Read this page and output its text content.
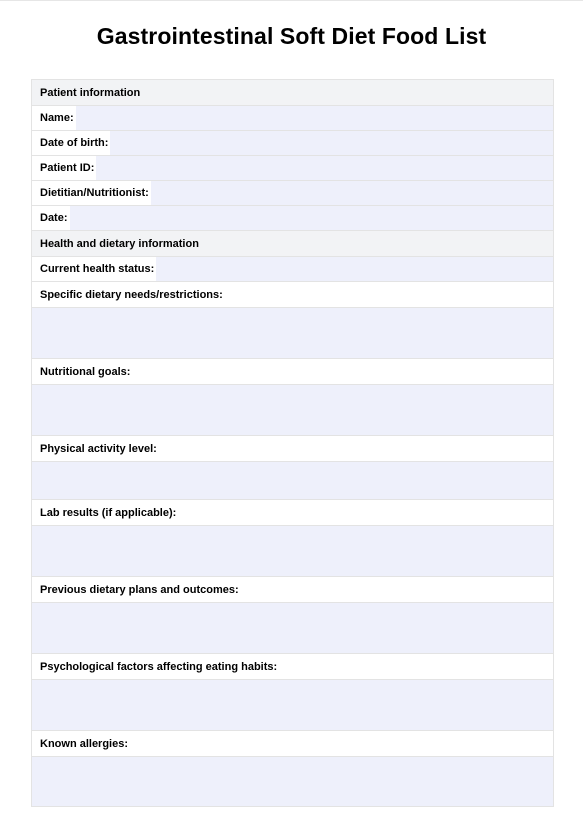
Gastrointestinal Soft Diet Food List
Patient information
Name:
Date of birth:
Patient ID:
Dietitian/Nutritionist:
Date:
Health and dietary information
Current health status:
Specific dietary needs/restrictions:
Nutritional goals:
Physical activity level:
Lab results (if applicable):
Previous dietary plans and outcomes:
Psychological factors affecting eating habits:
Known allergies:
